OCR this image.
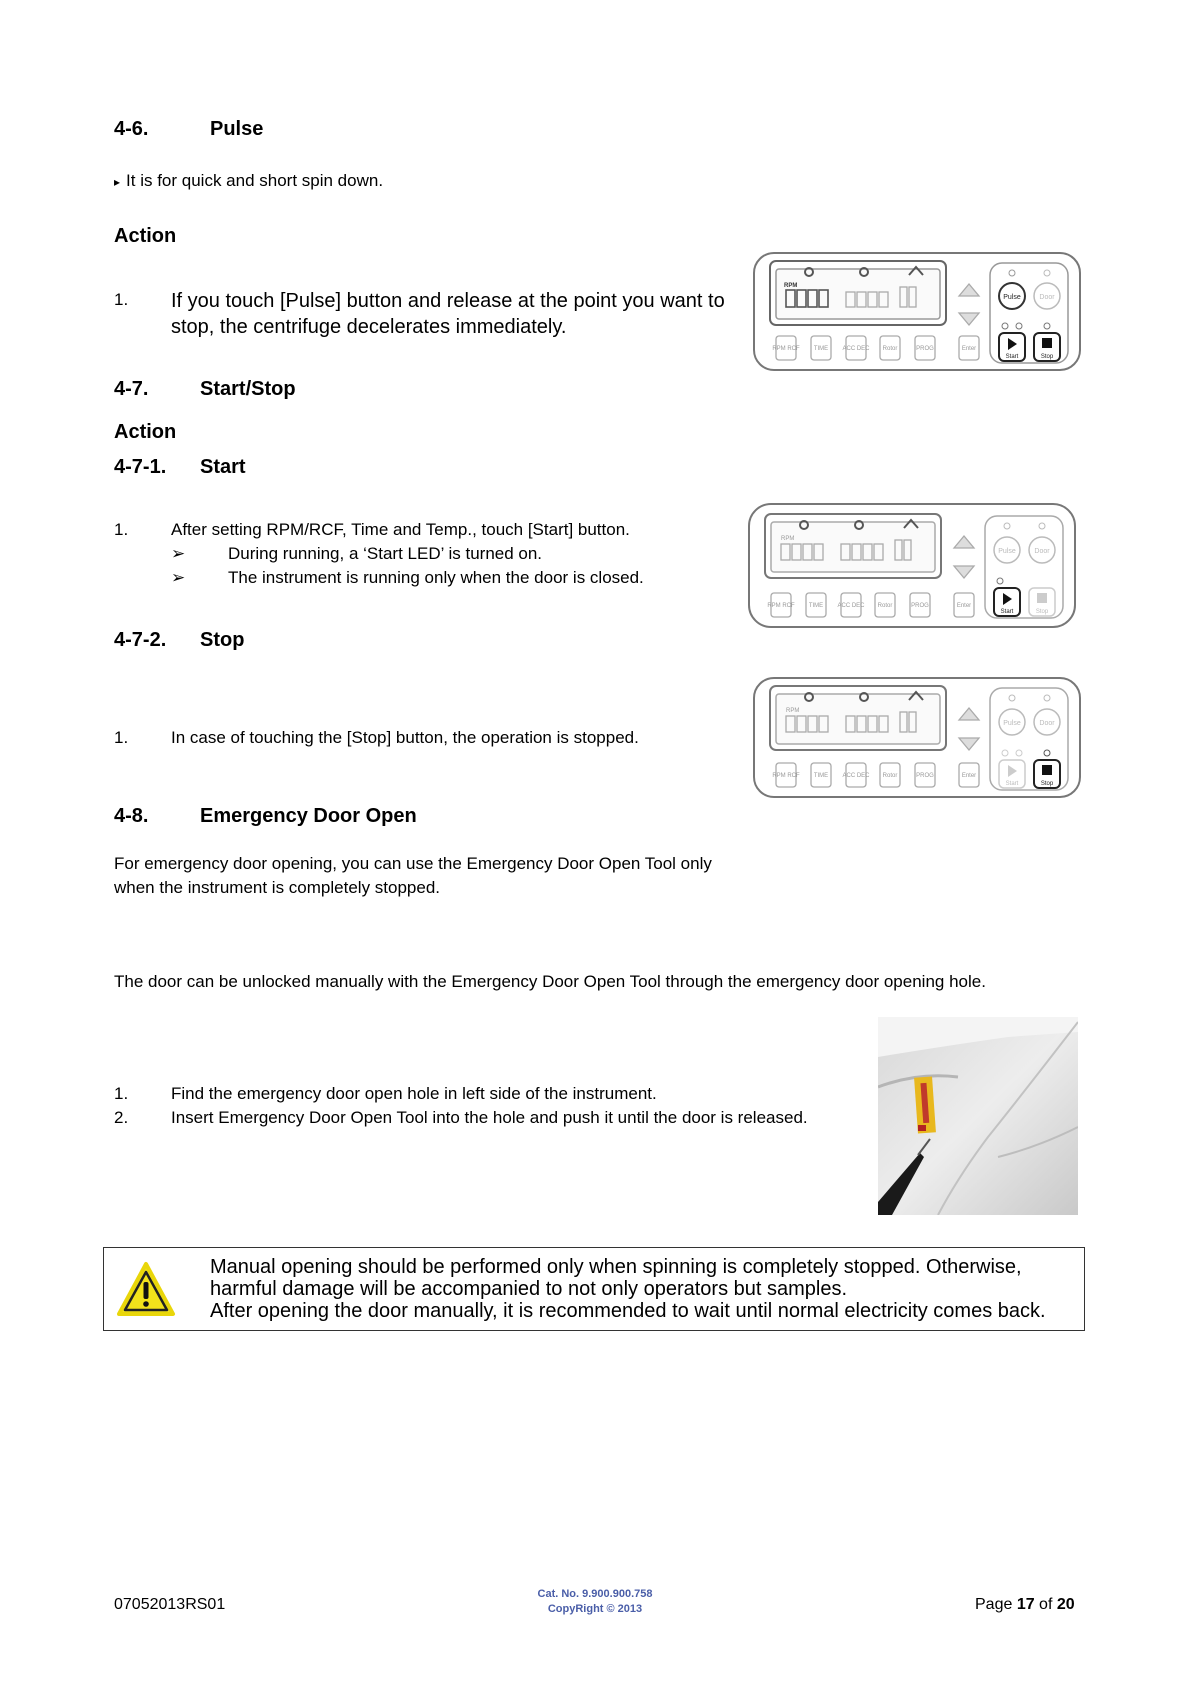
4-6.	Pulse
▸ It is for quick and short spin down.
Action
1. If you touch [Pulse] button and release at the point you want to
stop, the centrifuge decelerates immediately.
RPM
RPM RCF TIME ACC DEC Rotor	PROG	Enter
Pulse	Door
Start	Stop
4-7.	Start/Stop
Action
4-7-1. Start
1.	After setting RPM/RCF, Time and Temp., touch [Start] button.
➢	During running, a ‘Start LED’ is turned on.
➢	The instrument is running only when the door is closed.
RPM
RPM RCF TIME ACC DEC Rotor	PROG	Enter
Pulse	Door
Start	Stop
4-7-2. Stop
1.	In case of touching the [Stop] button, the operation is stopped.
RPM
RPM RCF TIME ACC DEC Rotor	PROG	Enter
Pulse	Door
Start	Stop
4-8.	Emergency Door Open
For emergency door opening, you can use the Emergency Door Open Tool only
when the instrument is completely stopped.
The door can be unlocked manually with the Emergency Door Open Tool through the emergency door opening hole.
1.	Find the emergency door open hole in left side of the instrument.
2.	Insert Emergency Door Open Tool into the hole and push it until the door is released.
Manual opening should be performed only when spinning is completely stopped. Otherwise,
harmful damage will be accompanied to not only operators but samples.
After opening the door manually, it is recommended to wait until normal electricity comes back.
07052013RS01
Cat. No. 9.900.900.758
CopyRight © 2013	Page 17 of 20
